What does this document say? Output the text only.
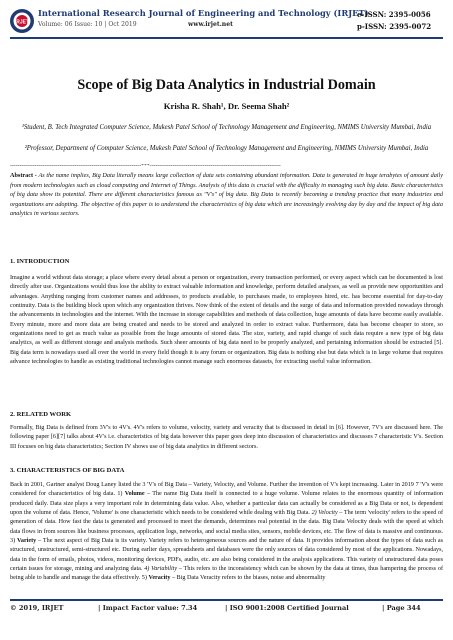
IRJET
International Research Journal of Engineering and Technology (IRJET)
Volume: 06 Issue: 10 | Oct 2019	www.irjet.net
e-ISSN: 2395-0056
p-ISSN: 2395-0072
Scope of Big Data Analytics in Industrial Domain
Krisha R. Shah¹, Dr. Seema Shah²
¹Student, B. Tech Integrated Computer Science, Mukesh Patel School of Technology Management and Engineering, NMIMS University Mumbai, India
²Professor, Department of Computer Science, Mukesh Patel School of Technology Management and Engineering, NMIMS University Mumbai, India
---------------------------------------------------------------------***---------------------------------------------------------------------
Abstract - As the name implies, Big Data literally means large collection of data sets containing abundant information. Data is generated in huge terabytes of amount daily from modern technologies such as cloud computing and Internet of Things. Analysis of this data is crucial with the difficulty in managing such big data. Basic characteristics of big data show its potential. There are different characteristics famous as "V's" of big data. Big Data is recently becoming a trending practice that many industries and organizations are adopting. The objective of this paper is to understand the characteristics of big data which are increasingly evolving day by day and the impact of big data analytics in various sectors.
1. INTRODUCTION
Imagine a world without data storage; a place where every detail about a person or organization, every transaction performed, or every aspect which can be documented is lost directly after use. Organizations would thus lose the ability to extract valuable information and knowledge, perform detailed analyses, as well as provide new opportunities and advantages. Anything ranging from customer names and addresses, to products available, to purchases made, to employees hired, etc. has become essential for day-to-day continuity. Data is the building block upon which any organization thrives. Now think of the extent of details and the surge of data and information provided nowadays through the advancements in technologies and the internet. With the increase in storage capabilities and methods of data collection, huge amounts of data have become easily available. Every minute, more and more data are being created and needs to be stored and analyzed in order to extract value. Furthermore, data has become cheaper to store, so organizations need to get as much value as possible from the huge amounts of stored data. The size, variety, and rapid change of such data require a new type of big data analytics, as well as different storage and analysis methods. Such sheer amounts of big data need to be properly analyzed, and pertaining information should be extracted [5]. Big data term is nowadays used all over the world in every field though it is any forum or organization. Big data is nothing else but data which is in large volume that requires advance technologies to handle as existing traditional technologies cannot manage such enormous datasets, for extracting useful value information.
2. RELATED WORK
Formally, Big Data is defined from 3V's to 4V's. 4V's refers to volume, velocity, variety and veracity that is discussed in detail in [6]. However, 7V's are discussed here. The following paper [6][7] talks about 4V's i.e. characteristics of big data however this paper goes deep into discussion of characteristics and discusses 7 characteristic V's. Section III focuses on big data characteristics; Section IV shows use of big data analytics in different sectors.
3. CHARACTERISTICS OF BIG DATA
Back in 2001, Gartner analyst Doug Laney listed the 3 'V's of Big Data – Variety, Velocity, and Volume. Further the invention of V's kept increasing. Later in 2019 7 'V's were considered for characteristics of big data. 1) Volume – The name Big Data itself is connected to a huge volume. Volume relates to the enormous quantity of information produced daily. Data size plays a very important role in determining data value. Also, whether a particular data can actually be considered as a Big Data or not, is dependent upon the volume of data. Hence, 'Volume' is one characteristic which needs to be considered while dealing with Big Data. 2) Velocity – The term 'velocity' refers to the speed of generation of data. How fast the data is generated and processed to meet the demands, determines real potential in the data. Big Data Velocity deals with the speed at which data flows in from sources like business processes, application logs, networks, and social media sites, sensors, mobile devices, etc. The flow of data is massive and continuous. 3) Variety – The next aspect of Big Data is its variety. Variety refers to heterogeneous sources and the nature of data. It provides information about the types of data such as structured, unstructured, semi-structured etc. During earlier days, spreadsheets and databases were the only sources of data considered by most of the applications. Nowadays, data in the form of emails, photos, videos, monitoring devices, PDFs, audio, etc. are also being considered in the analysis applications. This variety of unstructured data poses certain issues for storage, mining and analyzing data. 4) Variability – This refers to the inconsistency which can be shown by the data at times, thus hampering the process of being able to handle and manage the data effectively. 5) Veracity – Big Data Veracity refers to the biases, noise and abnormality
© 2019, IRJET	| Impact Factor value: 7.34	| ISO 9001:2008 Certified Journal	| Page 344
